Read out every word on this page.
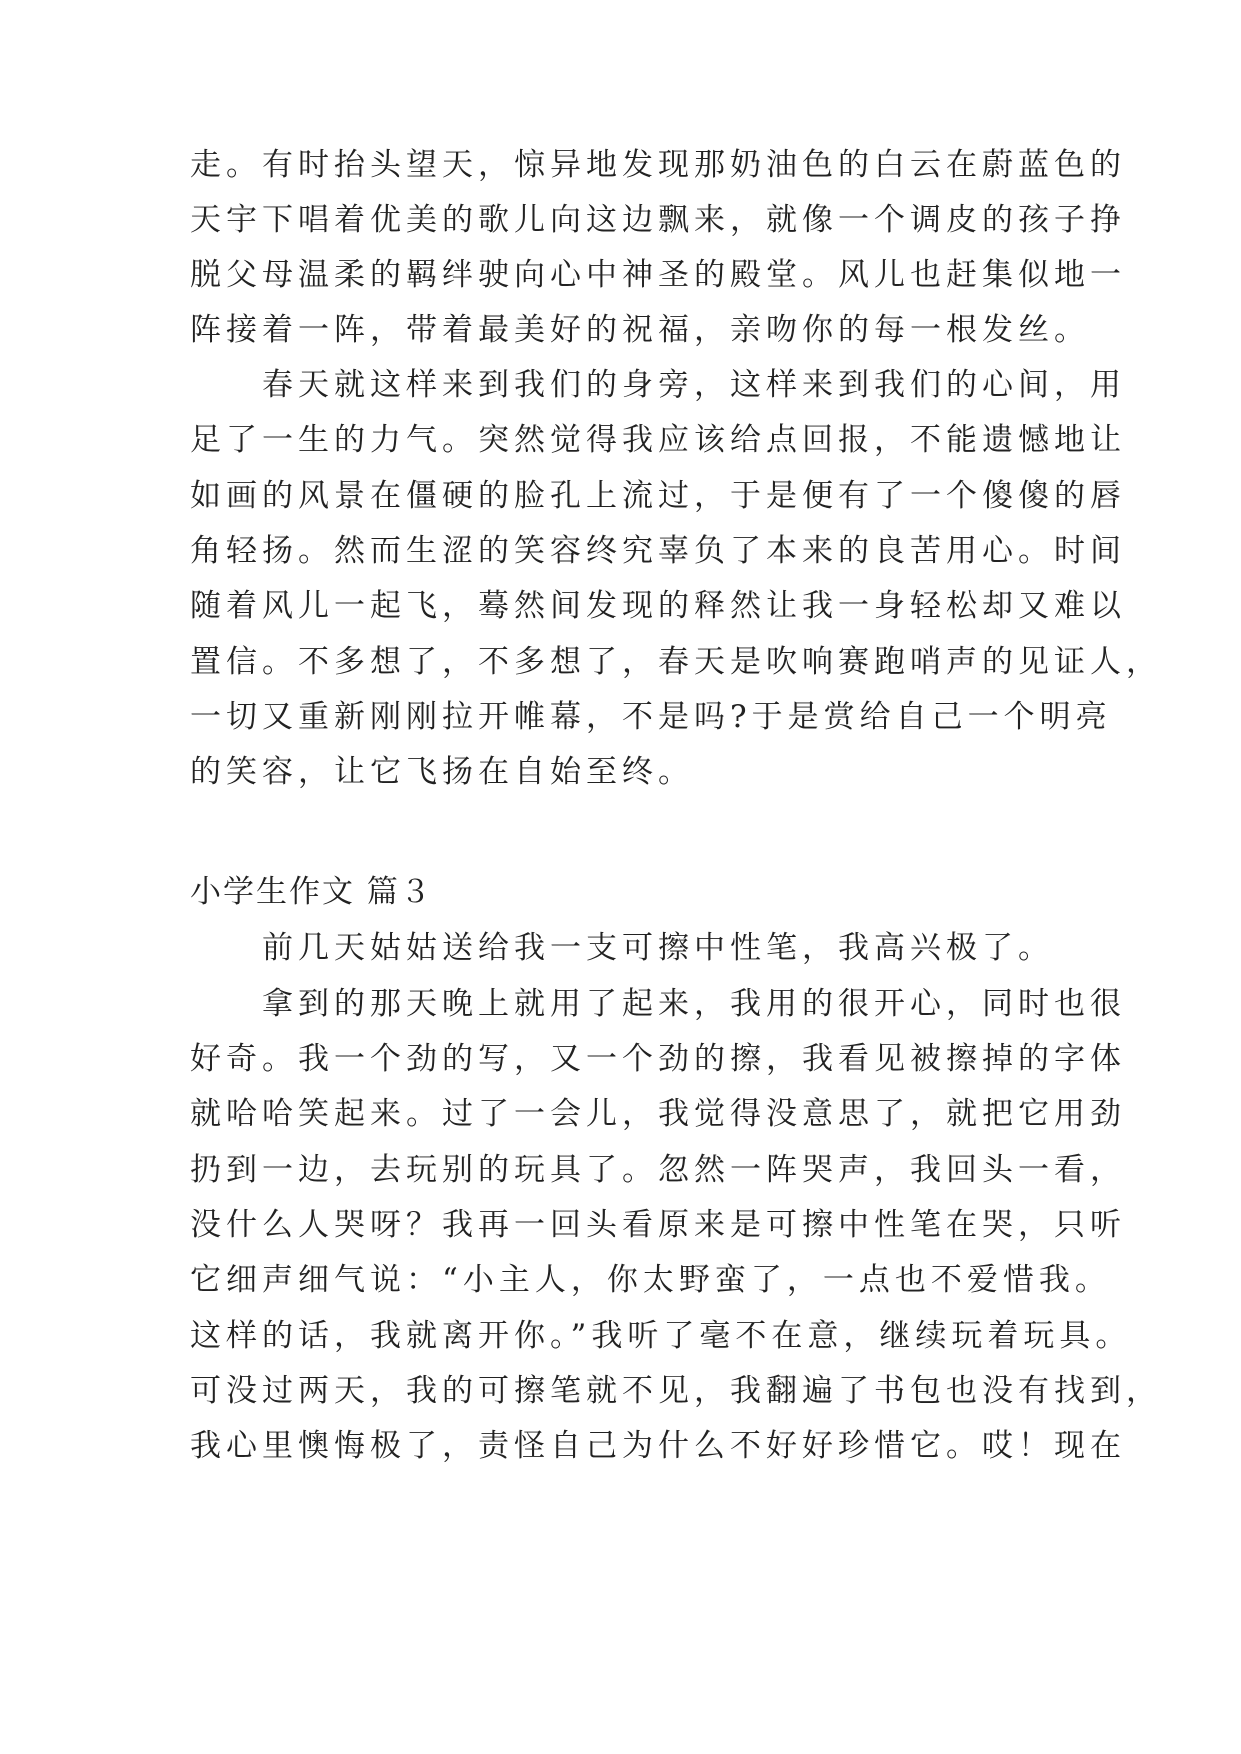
走。有时抬头望天，惊异地发现那奶油色的白云在蔚蓝色的
天宇下唱着优美的歌儿向这边飘来，就像一个调皮的孩子挣
脱父母温柔的羁绊驶向心中神圣的殿堂。风儿也赶集似地一
阵接着一阵，带着最美好的祝福，亲吻你的每一根发丝。
　　春天就这样来到我们的身旁，这样来到我们的心间，用
足了一生的力气。突然觉得我应该给点回报，不能遗憾地让
如画的风景在僵硬的脸孔上流过，于是便有了一个傻傻的唇
角轻扬。然而生涩的笑容终究辜负了本来的良苦用心。时间
随着风儿一起飞，蓦然间发现的释然让我一身轻松却又难以
置信。不多想了，不多想了，春天是吹响赛跑哨声的见证人，
一切又重新刚刚拉开帷幕，不是吗?于是赏给自己一个明亮
的笑容，让它飞扬在自始至终。
小学生作文 篇３
　　前几天姑姑送给我一支可擦中性笔，我高兴极了。
　　拿到的那天晚上就用了起来，我用的很开心，同时也很
好奇。我一个劲的写，又一个劲的擦，我看见被擦掉的字体
就哈哈笑起来。过了一会儿，我觉得没意思了，就把它用劲
扔到一边，去玩别的玩具了。忽然一阵哭声，我回头一看，
没什么人哭呀？我再一回头看原来是可擦中性笔在哭，只听
它细声细气说：“小主人，你太野蛮了，一点也不爱惜我。
这样的话，我就离开你。”我听了毫不在意，继续玩着玩具。
可没过两天，我的可擦笔就不见，我翻遍了书包也没有找到，
我心里懊悔极了，责怪自己为什么不好好珍惜它。哎！现在
